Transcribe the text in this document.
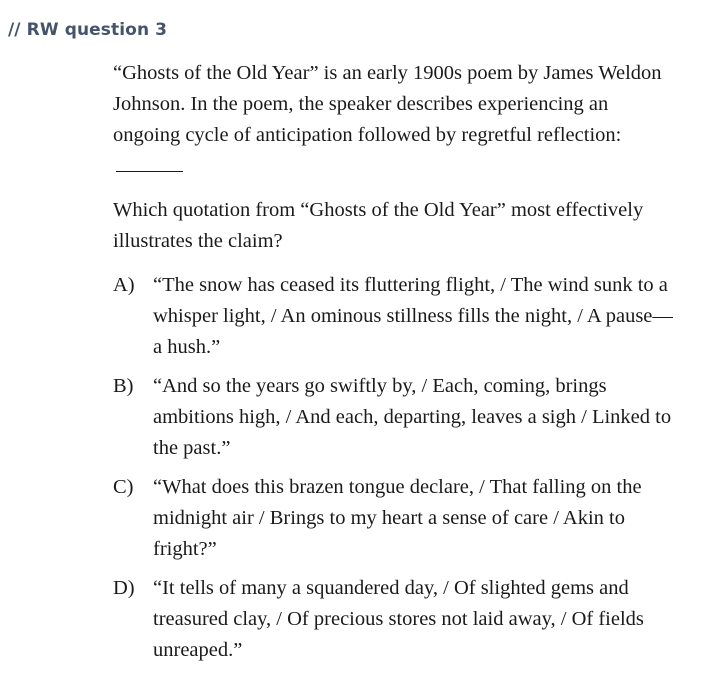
// RW question 3

“Ghosts of the Old Year” is an early 1900s poem by James Weldon Johnson. In the poem, the speaker describes experiencing an ongoing cycle of anticipation followed by regretful reflection:

Which quotation from “Ghosts of the Old Year” most effectively illustrates the claim?

A) “The snow has ceased its fluttering flight, / The wind sunk to a whisper light, / An ominous stillness fills the night, / A pause—a hush.”
B) “And so the years go swiftly by, / Each, coming, brings ambitions high, / And each, departing, leaves a sigh / Linked to the past.”
C) “What does this brazen tongue declare, / That falling on the midnight air / Brings to my heart a sense of care / Akin to fright?”
D) “It tells of many a squandered day, / Of slighted gems and treasured clay, / Of precious stores not laid away, / Of fields unreaped.”
